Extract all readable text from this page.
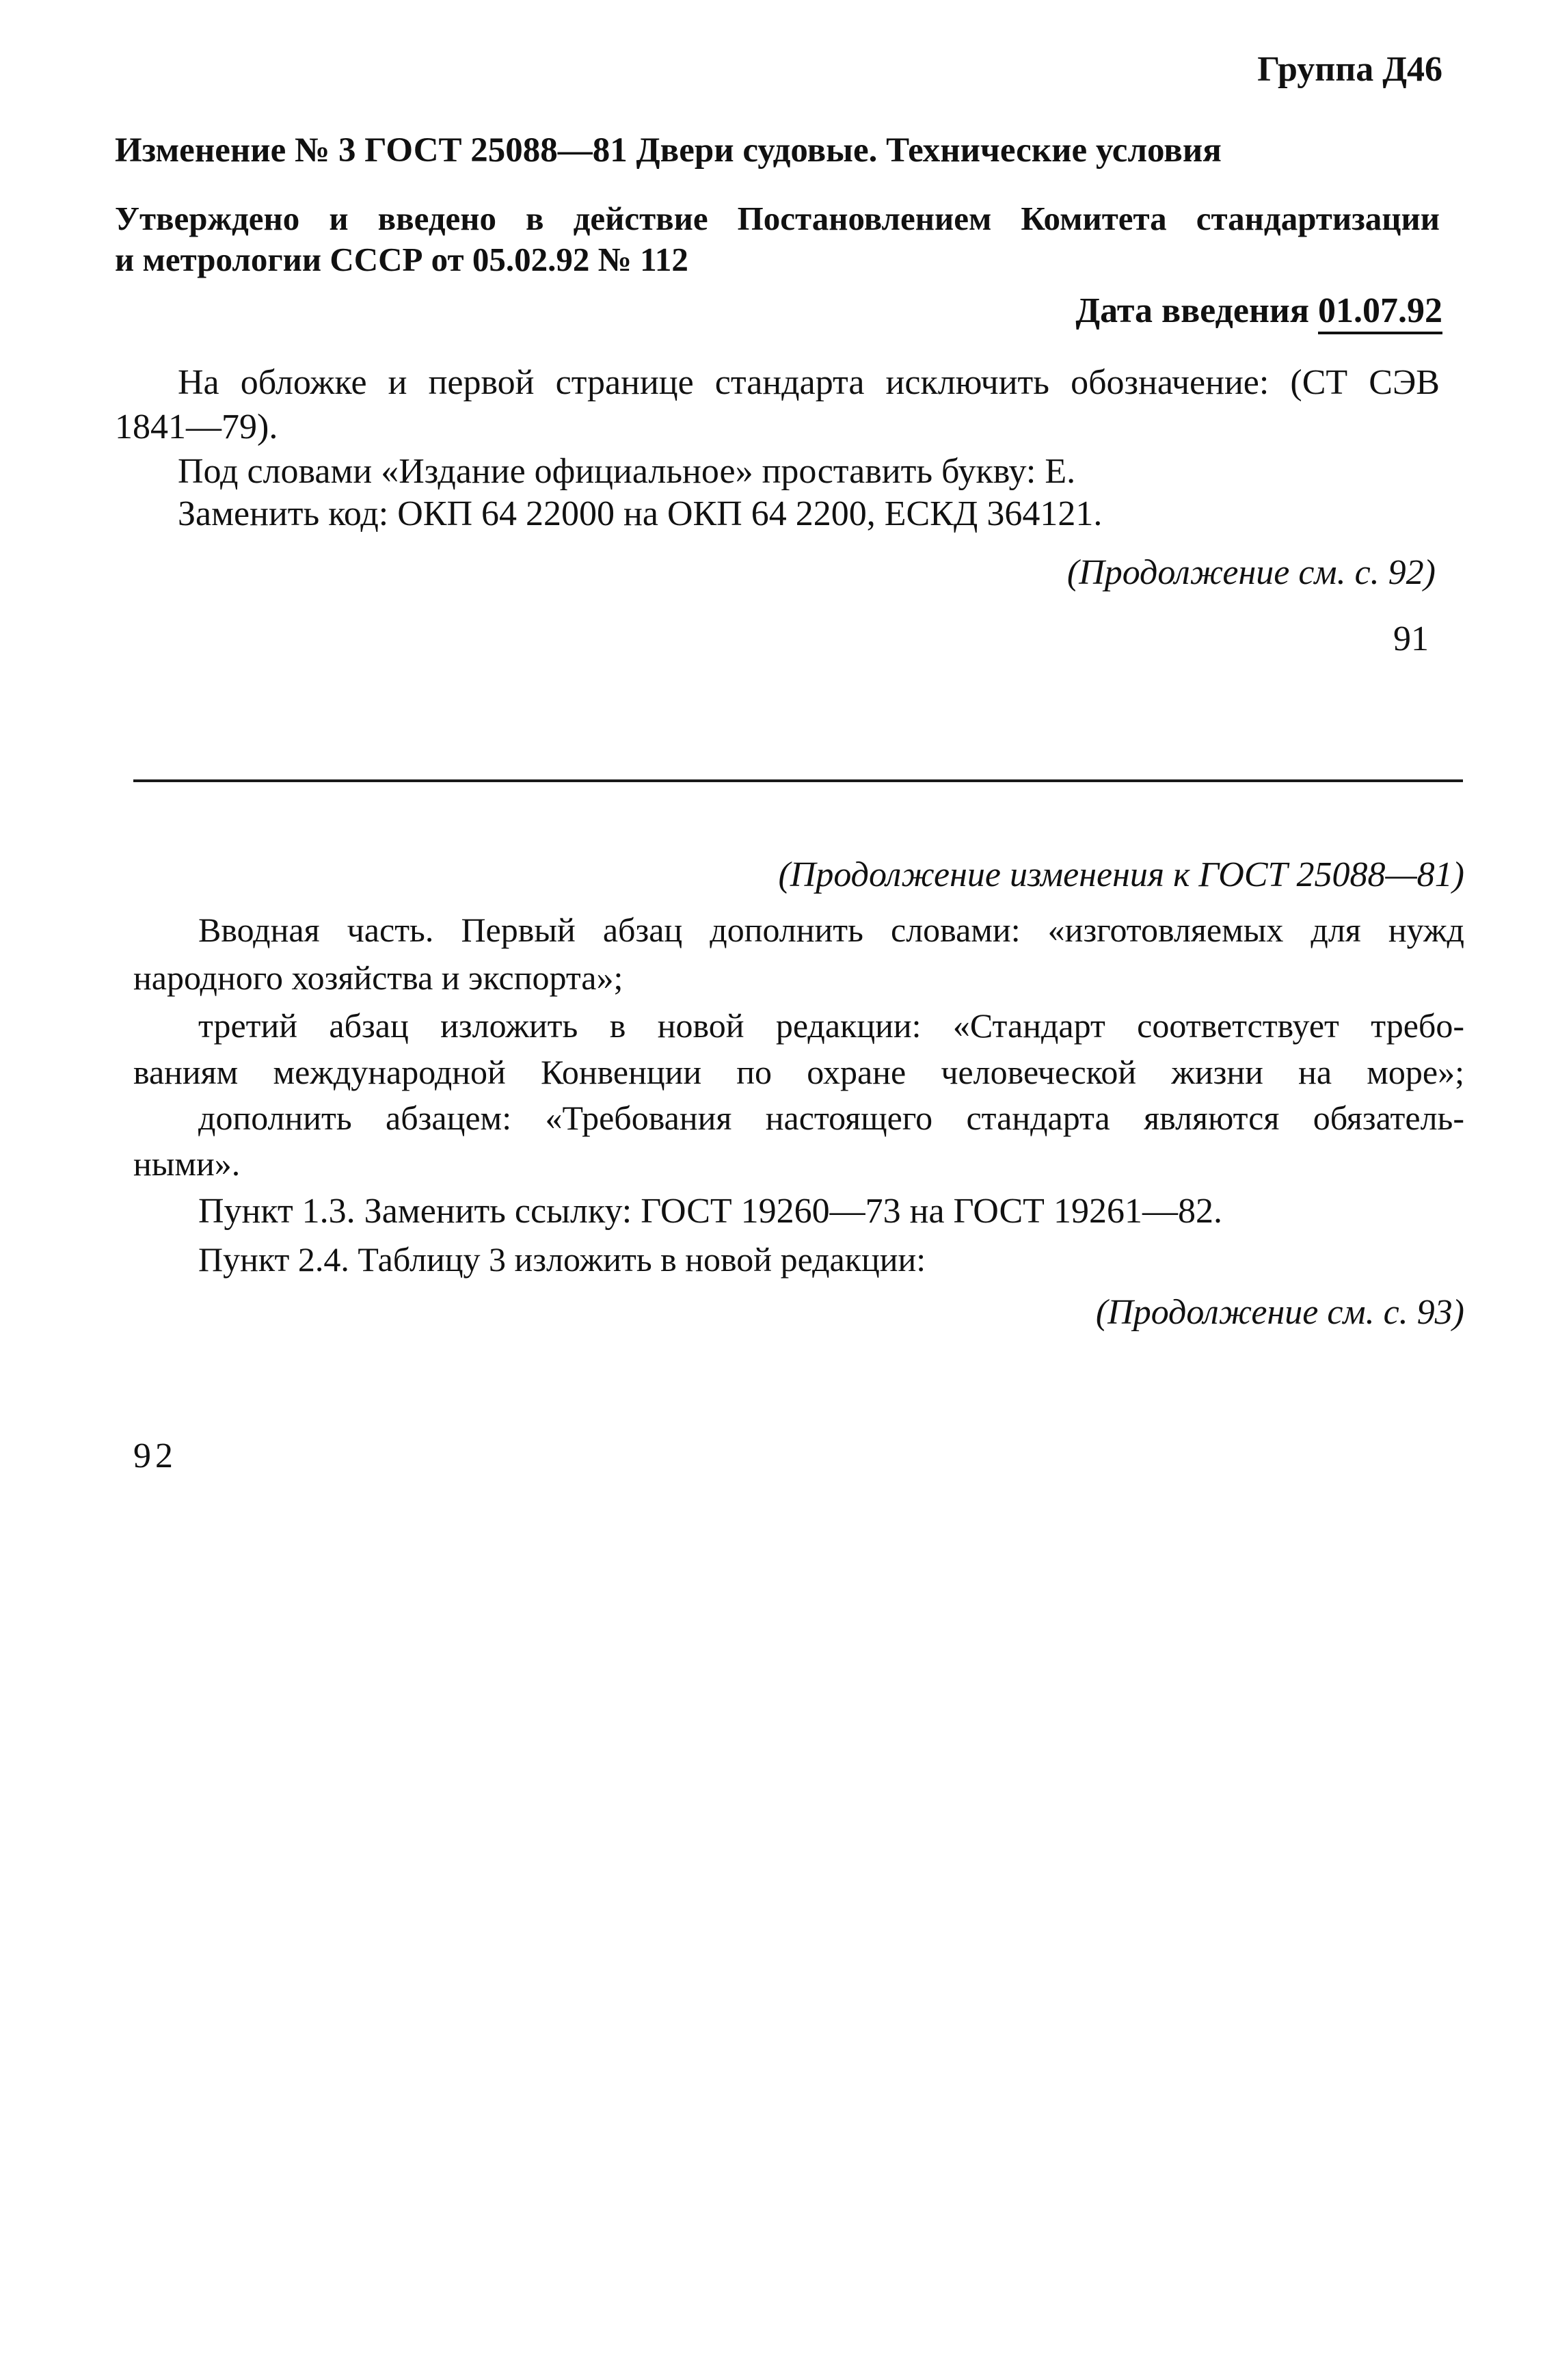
Группа Д46
Изменение № 3 ГОСТ 25088—81 Двери судовые. Технические условия
Утверждено и введено в действие Постановлением Комитета стандартизации
и метрологии СССР от 05.02.92 № 112
Дата введения 01.07.92
На обложке и первой странице стандарта исключить обозначение: (СТ СЭВ
1841—79).
Под словами «Издание официальное» проставить букву: Е.
Заменить код: ОКП 64 22000 на ОКП 64 2200, ЕСКД 364121.
(Продолжение см. с. 92)
91
(Продолжение изменения к ГОСТ 25088—81)
Вводная часть. Первый абзац дополнить словами: «изготовляемых для нужд
народного хозяйства и экспорта»;
третий абзац изложить в новой редакции: «Стандарт соответствует требо-
ваниям международной Конвенции по охране человеческой жизни на море»;
дополнить абзацем: «Требования настоящего стандарта являются обязатель-
ными».
Пункт 1.3. Заменить ссылку: ГОСТ 19260—73 на ГОСТ 19261—82.
Пункт 2.4. Таблицу 3 изложить в новой редакции:
(Продолжение см. с. 93)
92
